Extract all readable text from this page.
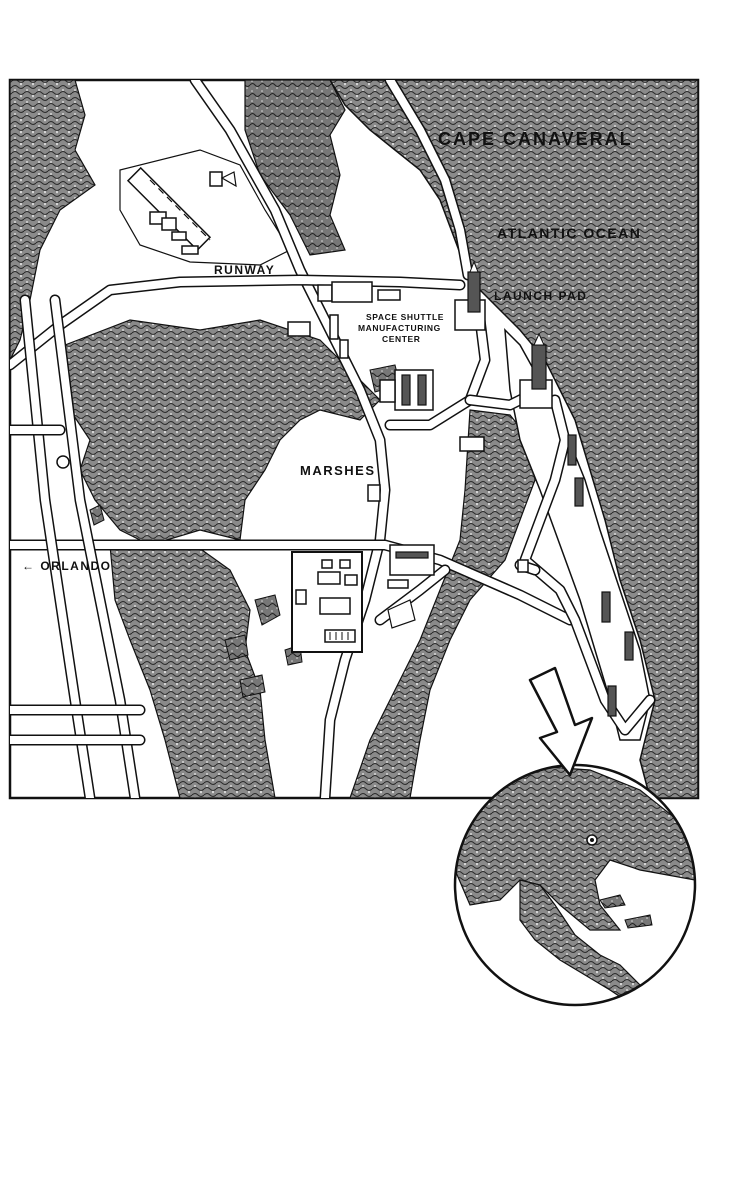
CAPE CANAVERAL
ATLANTIC OCEAN
LAUNCH PAD
RUNWAY
SPACE SHUTTLE
MANUFACTURING
CENTER
MARSHES
← ORLANDO
